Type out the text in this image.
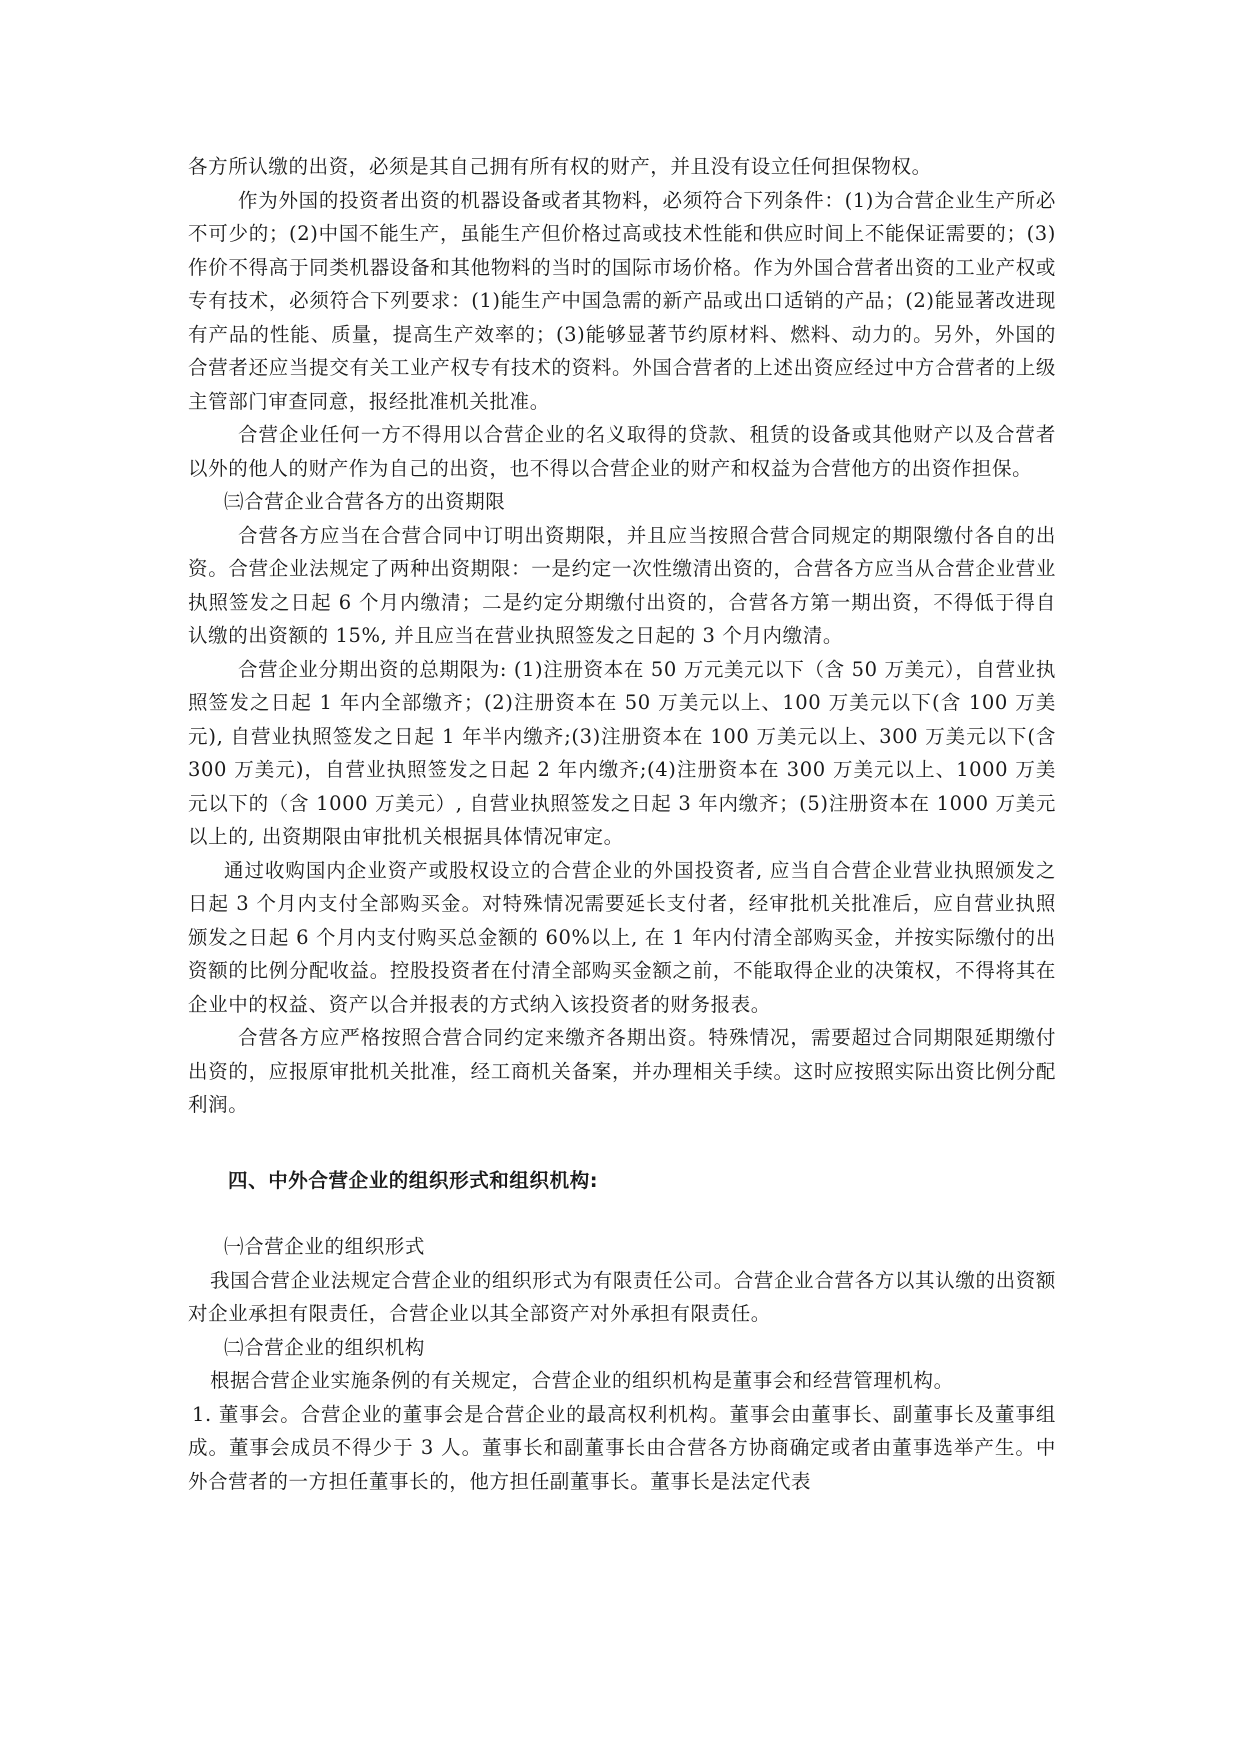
各方所认缴的出资，必须是其自己拥有所有权的财产，并且没有设立任何担保物权。

作为外国的投资者出资的机器设备或者其物料，必须符合下列条件：(1)为合营企业生产所必不可少的；(2)中国不能生产，虽能生产但价格过高或技术性能和供应时间上不能保证需要的；(3)作价不得高于同类机器设备和其他物料的当时的国际市场价格。作为外国合营者出资的工业产权或专有技术，必须符合下列要求：(1)能生产中国急需的新产品或出口适销的产品；(2)能显著改进现有产品的性能、质量，提高生产效率的；(3)能够显著节约原材料、燃料、动力的。另外，外国的合营者还应当提交有关工业产权专有技术的资料。外国合营者的上述出资应经过中方合营者的上级主管部门审查同意，报经批准机关批准。

合营企业任何一方不得用以合营企业的名义取得的贷款、租赁的设备或其他财产以及合营者以外的他人的财产作为自己的出资，也不得以合营企业的财产和权益为合营他方的出资作担保。

㈢合营企业合营各方的出资期限

合营各方应当在合营合同中订明出资期限，并且应当按照合营合同规定的期限缴付各自的出资。合营企业法规定了两种出资期限：一是约定一次性缴清出资的，合营各方应当从合营企业营业执照签发之日起 6 个月内缴清；二是约定分期缴付出资的，合营各方第一期出资，不得低于得自认缴的出资额的 15%, 并且应当在营业执照签发之日起的 3 个月内缴清。

合营企业分期出资的总期限为: (1)注册资本在 50 万元美元以下（含 50 万美元），自营业执照签发之日起 1 年内全部缴齐；(2)注册资本在 50 万美元以上、100 万美元以下(含 100 万美元), 自营业执照签发之日起 1 年半内缴齐;(3)注册资本在 100 万美元以上、300 万美元以下(含 300 万美元)，自营业执照签发之日起 2 年内缴齐;(4)注册资本在 300 万美元以上、1000 万美元以下的（含 1000 万美元）, 自营业执照签发之日起 3 年内缴齐；(5)注册资本在 1000 万美元以上的, 出资期限由审批机关根据具体情况审定。

通过收购国内企业资产或股权设立的合营企业的外国投资者, 应当自合营企业营业执照颁发之日起 3 个月内支付全部购买金。对特殊情况需要延长支付者，经审批机关批准后，应自营业执照颁发之日起 6 个月内支付购买总金额的 60%以上, 在 1 年内付清全部购买金，并按实际缴付的出资额的比例分配收益。控股投资者在付清全部购买金额之前，不能取得企业的决策权，不得将其在企业中的权益、资产以合并报表的方式纳入该投资者的财务报表。

合营各方应严格按照合营合同约定来缴齐各期出资。特殊情况，需要超过合同期限延期缴付出资的，应报原审批机关批准，经工商机关备案，并办理相关手续。这时应按照实际出资比例分配利润。

四、中外合营企业的组织形式和组织机构:

㈠合营企业的组织形式

我国合营企业法规定合营企业的组织形式为有限责任公司。合营企业合营各方以其认缴的出资额对企业承担有限责任，合营企业以其全部资产对外承担有限责任。

㈡合营企业的组织机构

根据合营企业实施条例的有关规定，合营企业的组织机构是董事会和经营管理机构。

1. 董事会。合营企业的董事会是合营企业的最高权利机构。董事会由董事长、副董事长及董事组成。董事会成员不得少于 3 人。董事长和副董事长由合营各方协商确定或者由董事选举产生。中外合营者的一方担任董事长的，他方担任副董事长。董事长是法定代表
